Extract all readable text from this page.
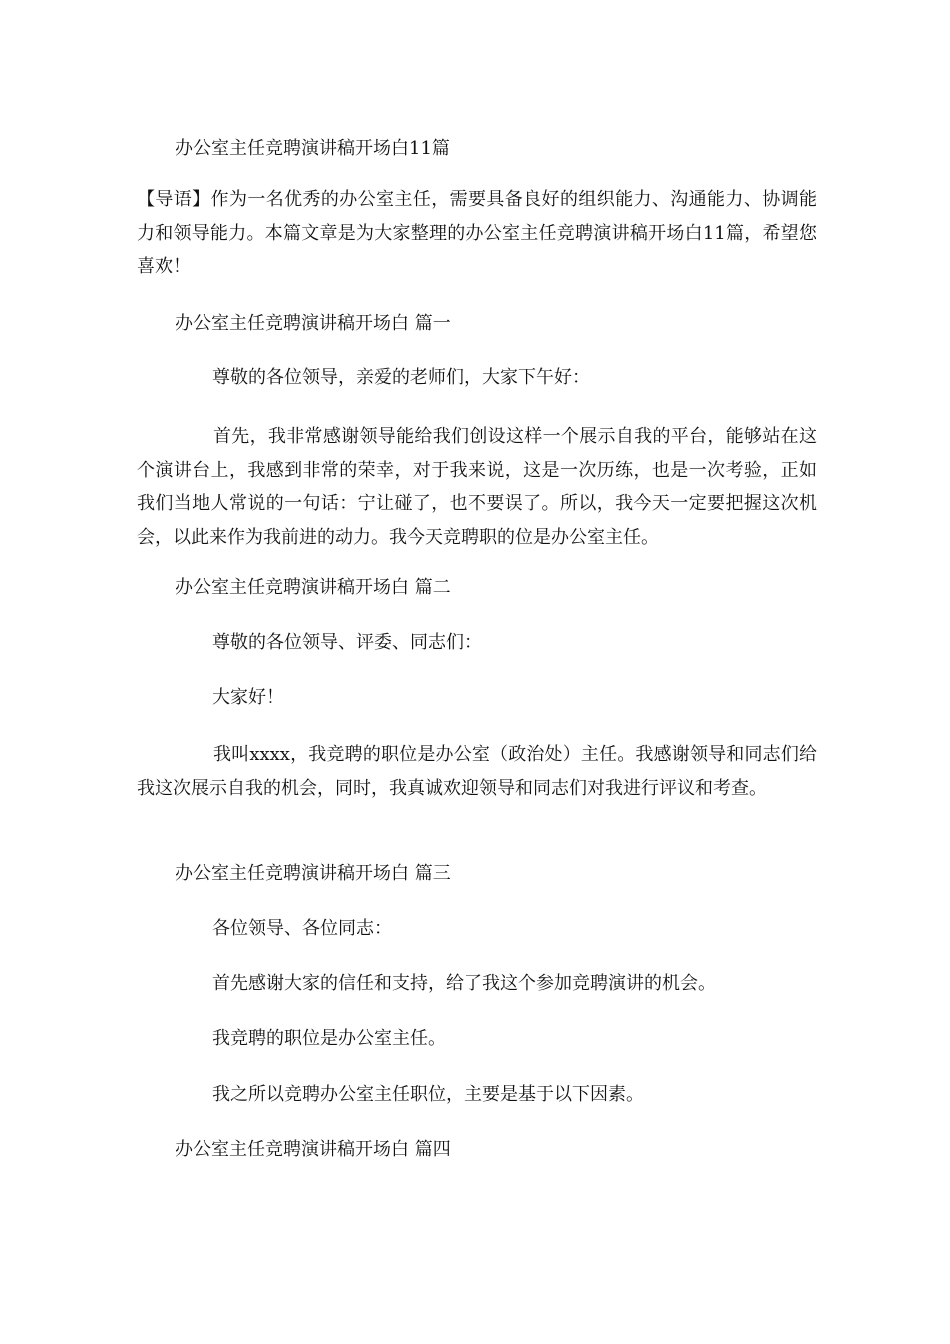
办公室主任竞聘演讲稿开场白11篇

【导语】作为一名优秀的办公室主任，需要具备良好的组织能力、沟通能力、协调能力和领导能力。本篇文章是为大家整理的办公室主任竞聘演讲稿开场白11篇，希望您喜欢！

办公室主任竞聘演讲稿开场白 篇一

尊敬的各位领导，亲爱的老师们，大家下午好：

首先，我非常感谢领导能给我们创设这样一个展示自我的平台，能够站在这个演讲台上，我感到非常的荣幸，对于我来说，这是一次历练，也是一次考验，正如我们当地人常说的一句话：宁让碰了，也不要误了。所以，我今天一定要把握这次机会，以此来作为我前进的动力。我今天竞聘职的位是办公室主任。

办公室主任竞聘演讲稿开场白 篇二

尊敬的各位领导、评委、同志们：

大家好！

我叫xxxx，我竞聘的职位是办公室（政治处）主任。我感谢领导和同志们给我这次展示自我的机会，同时，我真诚欢迎领导和同志们对我进行评议和考查。

办公室主任竞聘演讲稿开场白 篇三

各位领导、各位同志：

首先感谢大家的信任和支持，给了我这个参加竞聘演讲的机会。

我竞聘的职位是办公室主任。

我之所以竞聘办公室主任职位，主要是基于以下因素。

办公室主任竞聘演讲稿开场白 篇四
